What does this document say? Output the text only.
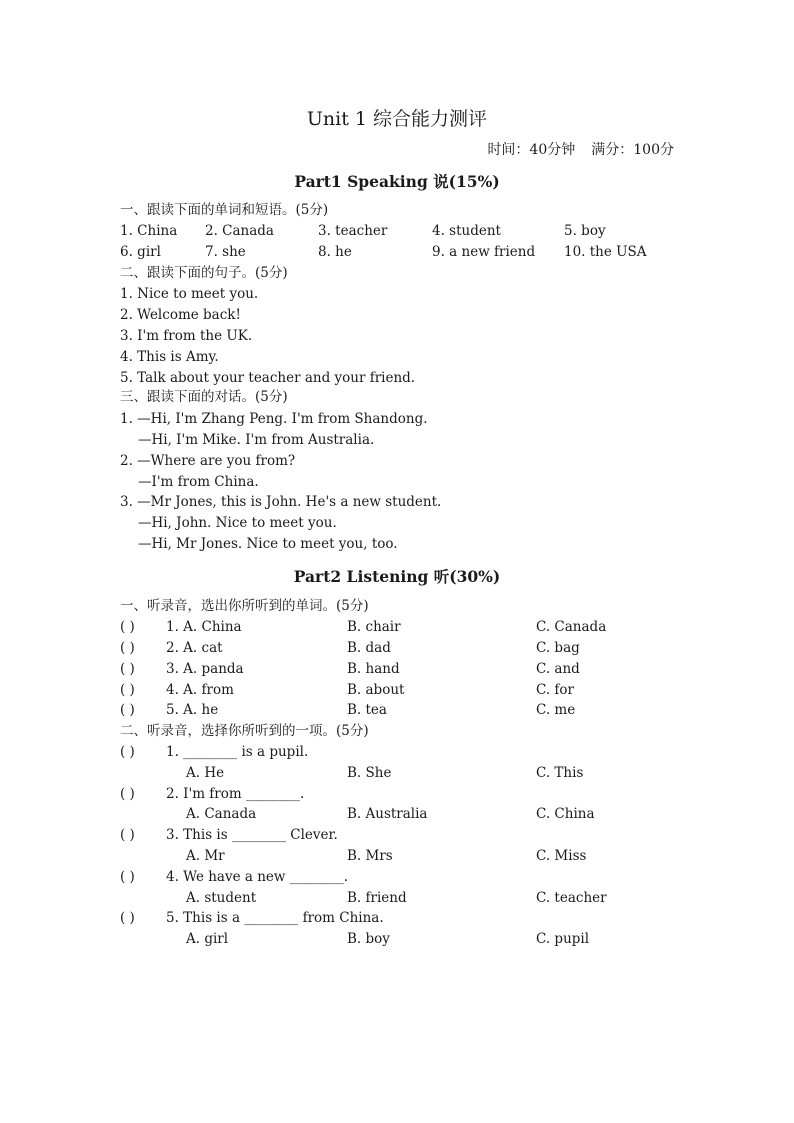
Unit 1 综合能力测评
时间：40分钟 满分：100分
Part1 Speaking 说(15%)
一、跟读下面的单词和短语。(5分)
1. China 2. Canada	3. teacher	4. student	5. boy
6. girl	7. she	8. he	9. a new friend 10. the USA
二、跟读下面的句子。(5分)
1. Nice to meet you.
2. Welcome back!
3. I'm from the UK.
4. This is Amy.
5. Talk about your teacher and your friend.
三、跟读下面的对话。(5分)
1. —Hi, I'm Zhang Peng. I'm from Shandong.
—Hi, I'm Mike. I'm from Australia.
2. —Where are you from?
—I'm from China.
3. —Mr Jones, this is John. He's a new student.
—Hi, John. Nice to meet you.
—Hi, Mr Jones. Nice to meet you, too.
Part2 Listening 听(30%)
一、听录音，选出你所听到的单词。(5分)
( ) 1. A. China	B. chair	C. Canada
( ) 2. A. cat	B. dad	C. bag
( ) 3. A. panda	B. hand	C. and
( ) 4. A. from	B. about	C. for
( ) 5. A. he	B. tea	C. me
二、听录音，选择你所听到的一项。(5分)
( ) 1. ________ is a pupil.
A. He	B. She	C. This
( ) 2. I'm from ________.
A. Canada	B. Australia	C. China
( ) 3. This is ________ Clever.
A. Mr	B. Mrs	C. Miss
( ) 4. We have a new ________.
A. student	B. friend	C. teacher
( ) 5. This is a ________ from China.
A. girl	B. boy	C. pupil
